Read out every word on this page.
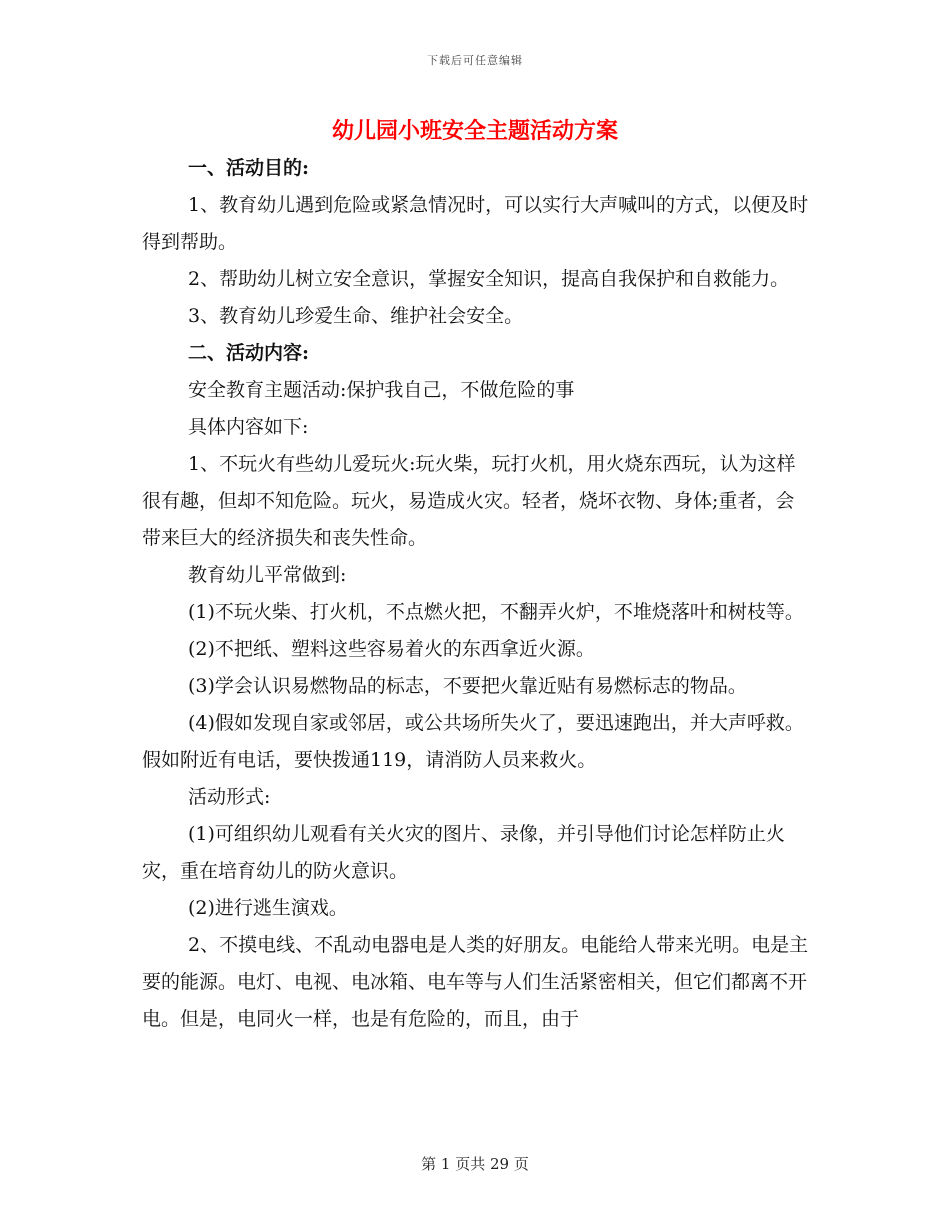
下载后可任意编辑
幼儿园小班安全主题活动方案

一、活动目的:

1、教育幼儿遇到危险或紧急情况时，可以实行大声喊叫的方式，以便及时得到帮助。

2、帮助幼儿树立安全意识，掌握安全知识，提高自我保护和自救能力。

3、教育幼儿珍爱生命、维护社会安全。

二、活动内容:

安全教育主题活动:保护我自己，不做危险的事

具体内容如下:

1、不玩火有些幼儿爱玩火:玩火柴，玩打火机，用火烧东西玩，认为这样很有趣，但却不知危险。玩火，易造成火灾。轻者，烧坏衣物、身体;重者，会带来巨大的经济损失和丧失性命。

教育幼儿平常做到:

(1)不玩火柴、打火机，不点燃火把，不翻弄火炉，不堆烧落叶和树枝等。

(2)不把纸、塑料这些容易着火的东西拿近火源。

(3)学会认识易燃物品的标志，不要把火靠近贴有易燃标志的物品。

(4)假如发现自家或邻居，或公共场所失火了，要迅速跑出，并大声呼救。假如附近有电话，要快拨通119，请消防人员来救火。

活动形式:

(1)可组织幼儿观看有关火灾的图片、录像，并引导他们讨论怎样防止火灾，重在培育幼儿的防火意识。

(2)进行逃生演戏。

2、不摸电线、不乱动电器电是人类的好朋友。电能给人带来光明。电是主要的能源。电灯、电视、电冰箱、电车等与人们生活紧密相关，但它们都离不开电。但是，电同火一样，也是有危险的，而且，由于

第 1 页共 29 页
